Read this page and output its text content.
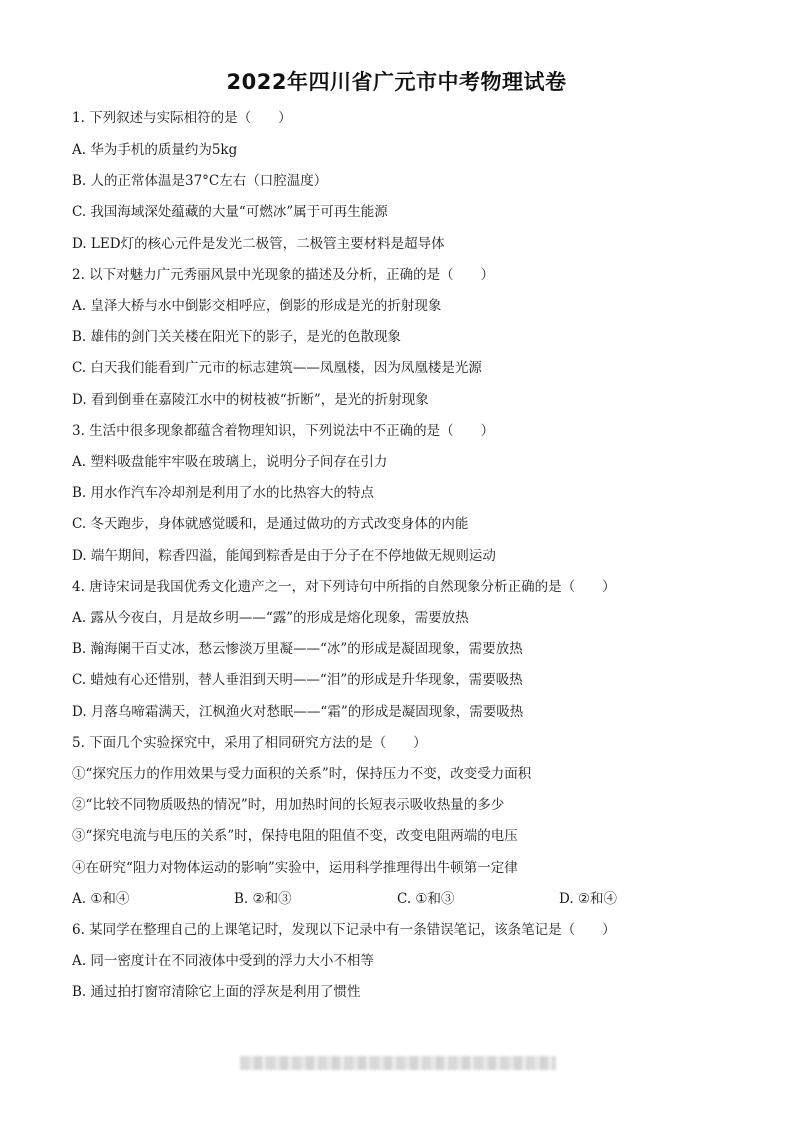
2022年四川省广元市中考物理试卷
1. 下列叙述与实际相符的是（　　）
A. 华为手机的质量约为5kg
B. 人的正常体温是37°C左右（口腔温度）
C. 我国海域深处蕴藏的大量“可燃冰”属于可再生能源
D. LED灯的核心元件是发光二极管，二极管主要材料是超导体
2. 以下对魅力广元秀丽风景中光现象的描述及分析，正确的是（　　）
A. 皇泽大桥与水中倒影交相呼应，倒影的形成是光的折射现象
B. 雄伟的剑门关关楼在阳光下的影子，是光的色散现象
C. 白天我们能看到广元市的标志建筑——凤凰楼，因为凤凰楼是光源
D. 看到倒垂在嘉陵江水中的树枝被“折断”，是光的折射现象
3. 生活中很多现象都蕴含着物理知识，下列说法中不正确的是（　　）
A. 塑料吸盘能牢牢吸在玻璃上，说明分子间存在引力
B. 用水作汽车冷却剂是利用了水的比热容大的特点
C. 冬天跑步，身体就感觉暖和，是通过做功的方式改变身体的内能
D. 端午期间，粽香四溢，能闻到粽香是由于分子在不停地做无规则运动
4. 唐诗宋词是我国优秀文化遗产之一，对下列诗句中所指的自然现象分析正确的是（　　）
A. 露从今夜白，月是故乡明——“露”的形成是熔化现象，需要放热
B. 瀚海阑干百丈冰，愁云惨淡万里凝——“冰”的形成是凝固现象，需要放热
C. 蜡烛有心还惜别，替人垂泪到天明——“泪”的形成是升华现象，需要吸热
D. 月落乌啼霜满天，江枫渔火对愁眠——“霜”的形成是凝固现象，需要吸热
5. 下面几个实验探究中，采用了相同研究方法的是（　　）
①“探究压力的作用效果与受力面积的关系”时，保持压力不变，改变受力面积
②“比较不同物质吸热的情况”时，用加热时间的长短表示吸收热量的多少
③“探究电流与电压的关系”时，保持电阻的阻值不变，改变电阻两端的电压
④在研究“阻力对物体运动的影响”实验中，运用科学推理得出牛顿第一定律
A. ①和④	B. ②和③	C. ①和③	D. ②和④
6. 某同学在整理自己的上课笔记时，发现以下记录中有一条错误笔记，该条笔记是（　　）
A. 同一密度计在不同液体中受到的浮力大小不相等
B. 通过拍打窗帘清除它上面的浮灰是利用了惯性
